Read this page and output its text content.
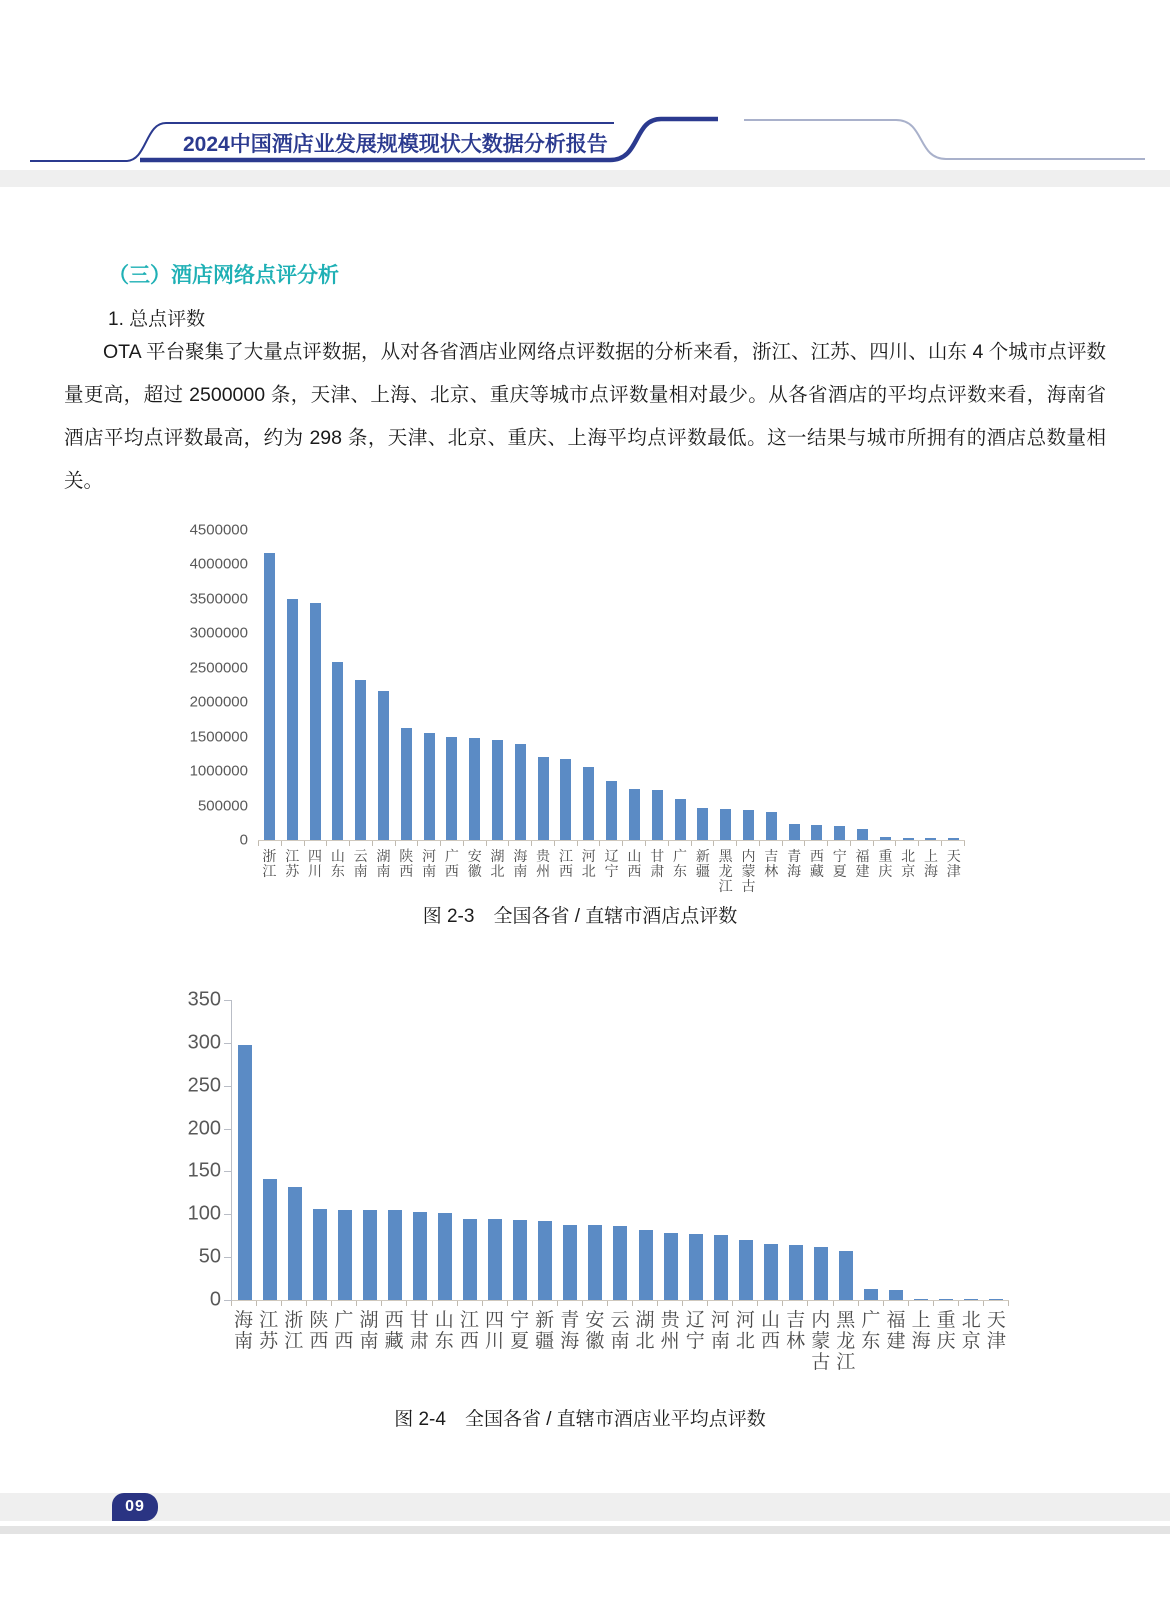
2024中国酒店业发展规模现状大数据分析报告
（三）酒店网络点评分析
1. 总点评数
OTA 平台聚集了大量点评数据，从对各省酒店业网络点评数据的分析来看，浙江、江苏、四川、山东 4 个城市点评数量更高，超过 2500000 条，天津、上海、北京、重庆等城市点评数量相对最少。从各省酒店的平均点评数来看，海南省酒店平均点评数最高，约为 298 条，天津、北京、重庆、上海平均点评数最低。这一结果与城市所拥有的酒店总数量相关。
4500000
4000000
3500000
3000000
2500000
2000000
1500000
1000000
500000
0
浙
江
江
苏
四
川
山
东
云
南
湖
南
陕
西
河
南
广
西
安
徽
湖
北
海
南
贵
州
江
西
河
北
辽
宁
山
西
甘
肃
广
东
新
疆
黑
龙
江
内
蒙
古
吉
林
青
海
西
藏
宁
夏
福
建
重
庆
北
京
上
海
天
津
图 2-3　全国各省 / 直辖市酒店点评数
350
300
250
200
150
100
50
0
海
南
江
苏
浙
江
陕
西
广
西
湖
南
西
藏
甘
肃
山
东
江
西
四
川
宁
夏
新
疆
青
海
安
徽
云
南
湖
北
贵
州
辽
宁
河
南
河
北
山
西
吉
林
内
蒙
古
黑
龙
江
广
东
福
建
上
海
重
庆
北
京
天
津
图 2-4　全国各省 / 直辖市酒店业平均点评数
09
